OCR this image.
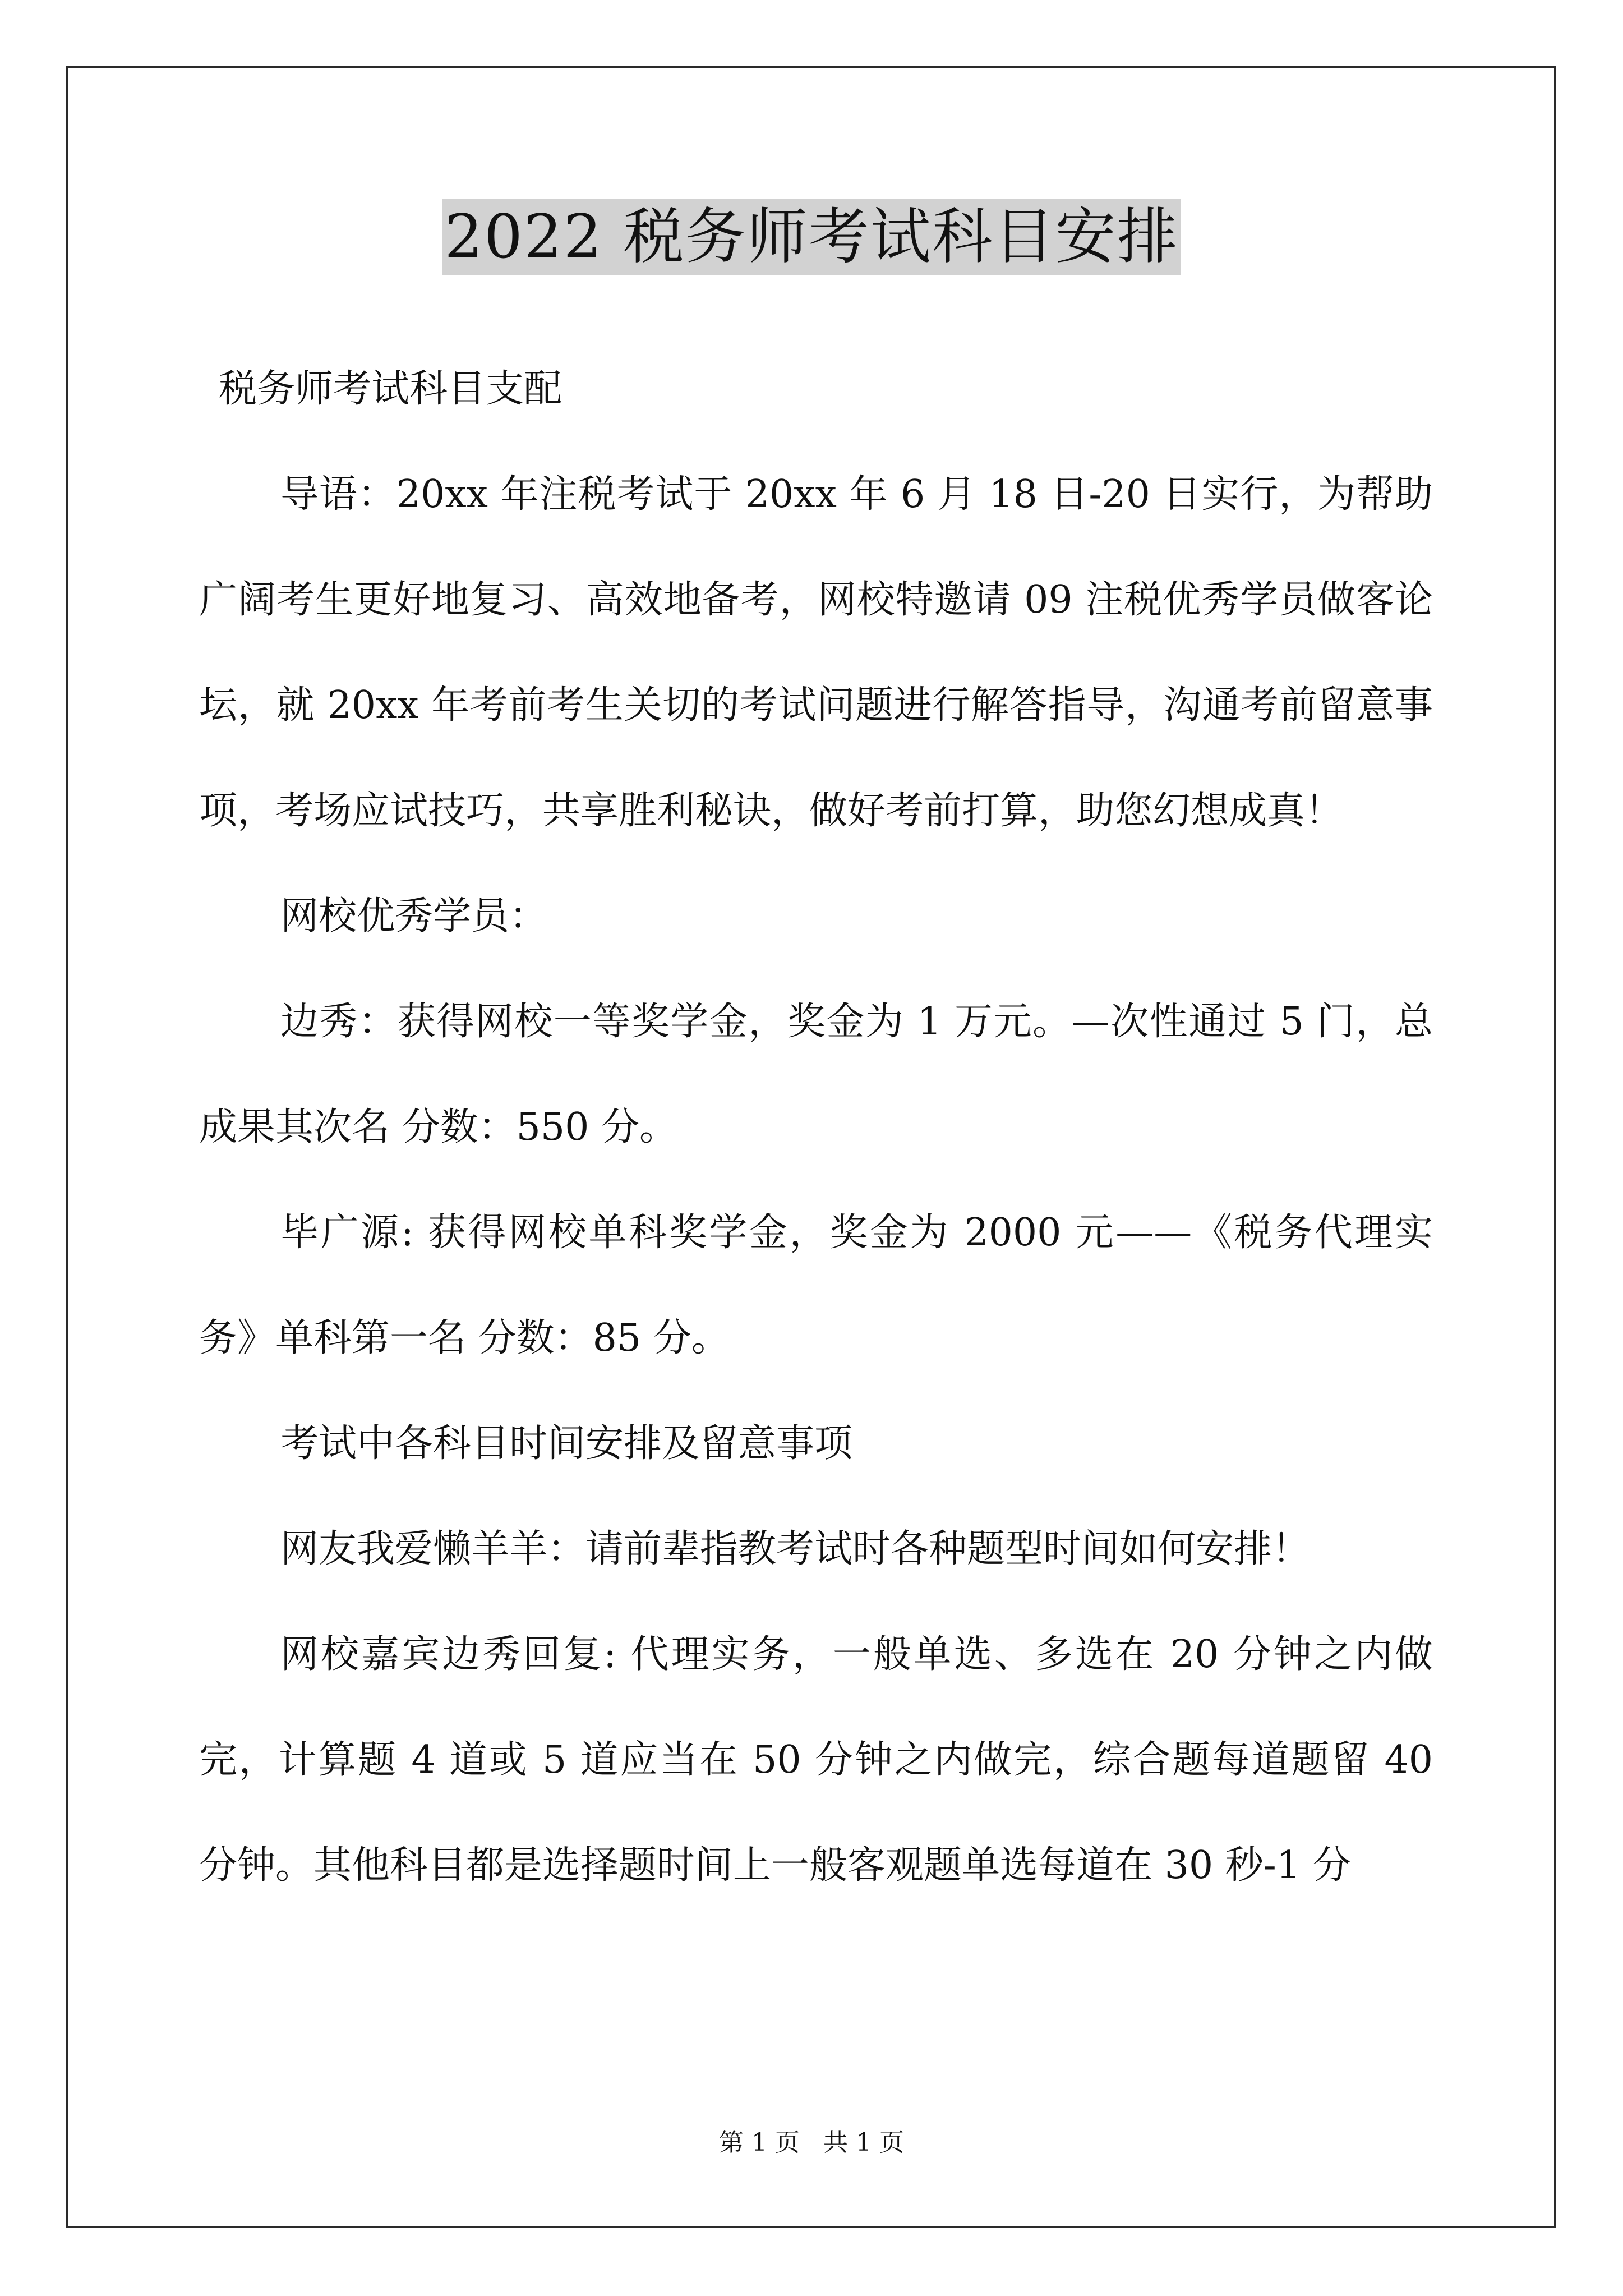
2022 税务师考试科目安排

税务师考试科目支配

导语：20xx 年注税考试于 20xx 年 6 月 18 日-20 日实行，为帮助广阔考生更好地复习、高效地备考，网校特邀请 09 注税优秀学员做客论坛，就 20xx 年考前考生关切的考试问题进行解答指导，沟通考前留意事项，考场应试技巧，共享胜利秘诀，做好考前打算，助您幻想成真！

网校优秀学员：

边秀：获得网校一等奖学金，奖金为 1 万元。—次性通过 5 门，总成果其次名 分数：550 分。

毕广源: 获得网校单科奖学金，奖金为 2000 元——《税务代理实务》单科第一名 分数：85 分。

考试中各科目时间安排及留意事项

网友我爱懒羊羊：请前辈指教考试时各种题型时间如何安排！

网校嘉宾边秀回复: 代理实务，一般单选、多选在 20 分钟之内做完，计算题 4 道或 5 道应当在 50 分钟之内做完，综合题每道题留 40 分钟。其他科目都是选择题时间上一般客观题单选每道在 30 秒-1 分

第 1 页   共 1 页
